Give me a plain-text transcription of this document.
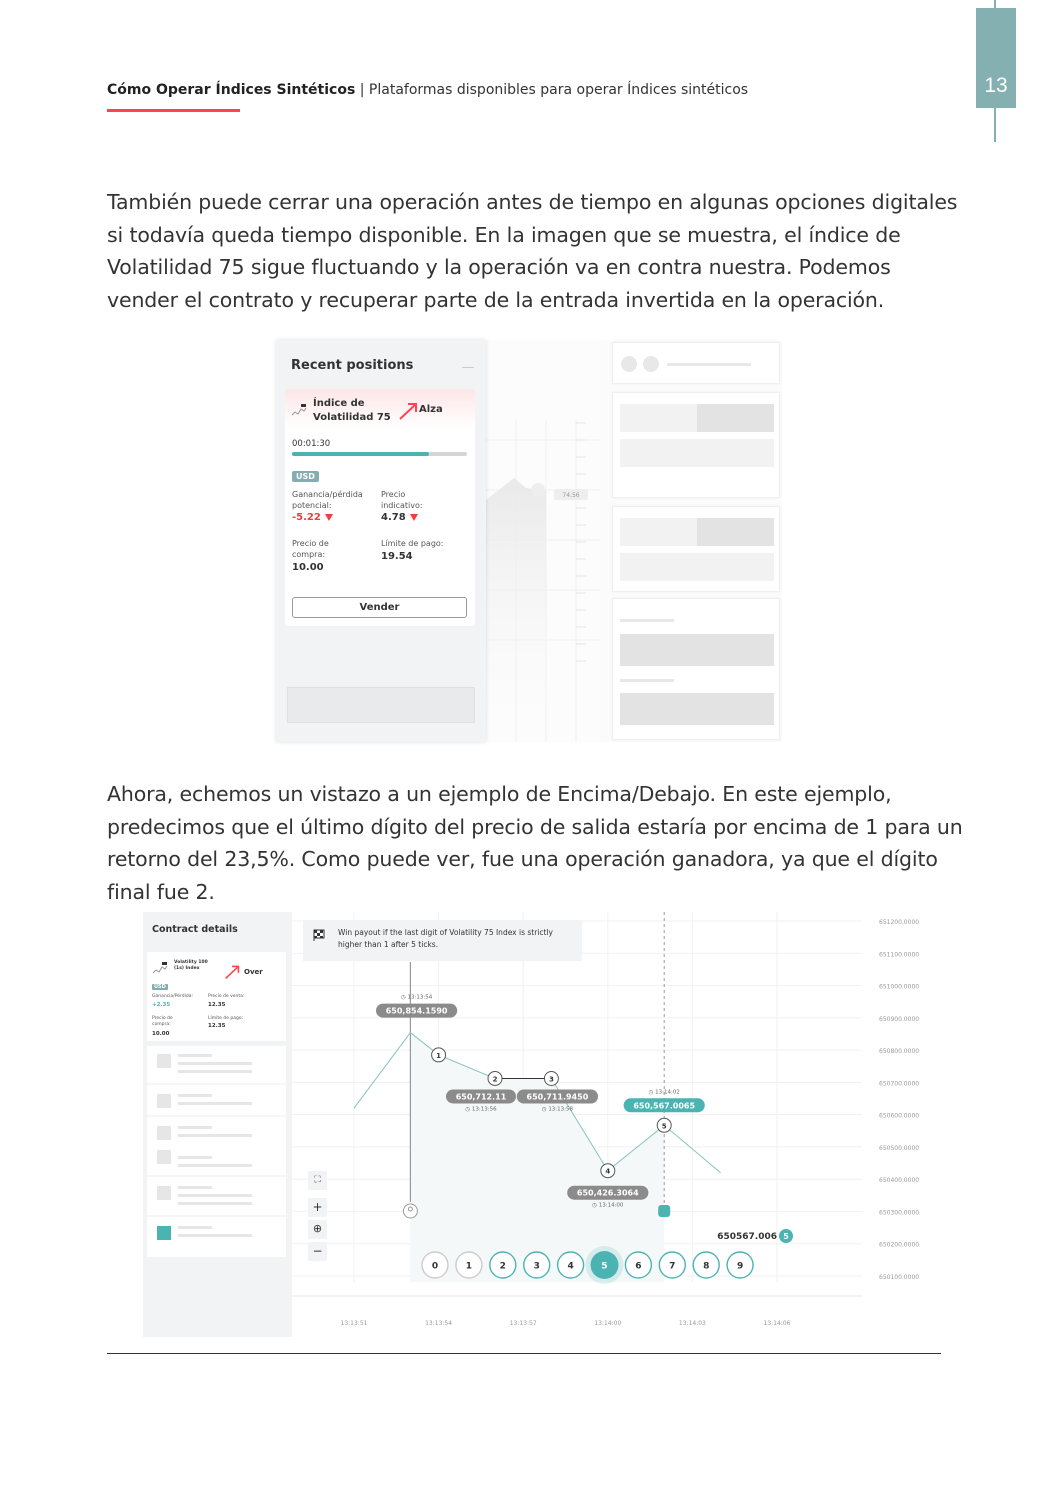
13
Cómo Operar Índices Sintéticos | Plataformas disponibles para operar Índices sintéticos

También puede cerrar una operación antes de tiempo en algunas opciones digitales si todavía queda tiempo disponible. En la imagen que se muestra, el índice de Volatilidad 75 sigue fluctuando y la operación va en contra nuestra. Podemos vender el contrato y recuperar parte de la entrada invertida en la operación.

74.56
Recent positions
Índice de Volatilidad 75
Alza
00:01:30
USD
Ganancia/pérdida potencial:
-5.22
Precio indicativo:
4.78
Precio de compra:
10.00
Límite de pago:
19.54
Vender

Ahora, echemos un vistazo a un ejemplo de Encima/Debajo. En este ejemplo, predecimos que el último dígito del precio de salida estaría por encima de 1 para un retorno del 23,5%. Como puede ver, fue una operación ganadora, ya que el dígito final fue 2.

Contract details
Volatility 100 (1s) Index	Over
USD
Ganancia/Pérdida:
+2.35
Precio de venta:
12.35
Precio de compra:
10.00
Límite de pago:
12.35
651200.0000
651100.0000
651000.0000
650900.0000
650800.0000
650700.0000
650600.0000
650500.0000
650400.0000
650300.0000
650200.0000
650100.0000
13:13:51	13:13:54	13:13:57	13:14:00	13:14:03	13:14:06
1
2	3
4
5
650,854.1590
◷ 13:13:54
650,712.11
◷ 13:13:56
650,711.9450
◷ 13:13:58
650,426.3064
◷ 13:14:00
650,567.0065
◷ 13:14:02
650567.006 5
0	1	2	3	4	5	6	7	8	9
Win payout if the last digit of Volatility 75 Index is strictly higher than 1 after 5 ticks.
⛶
+
⊕
−
